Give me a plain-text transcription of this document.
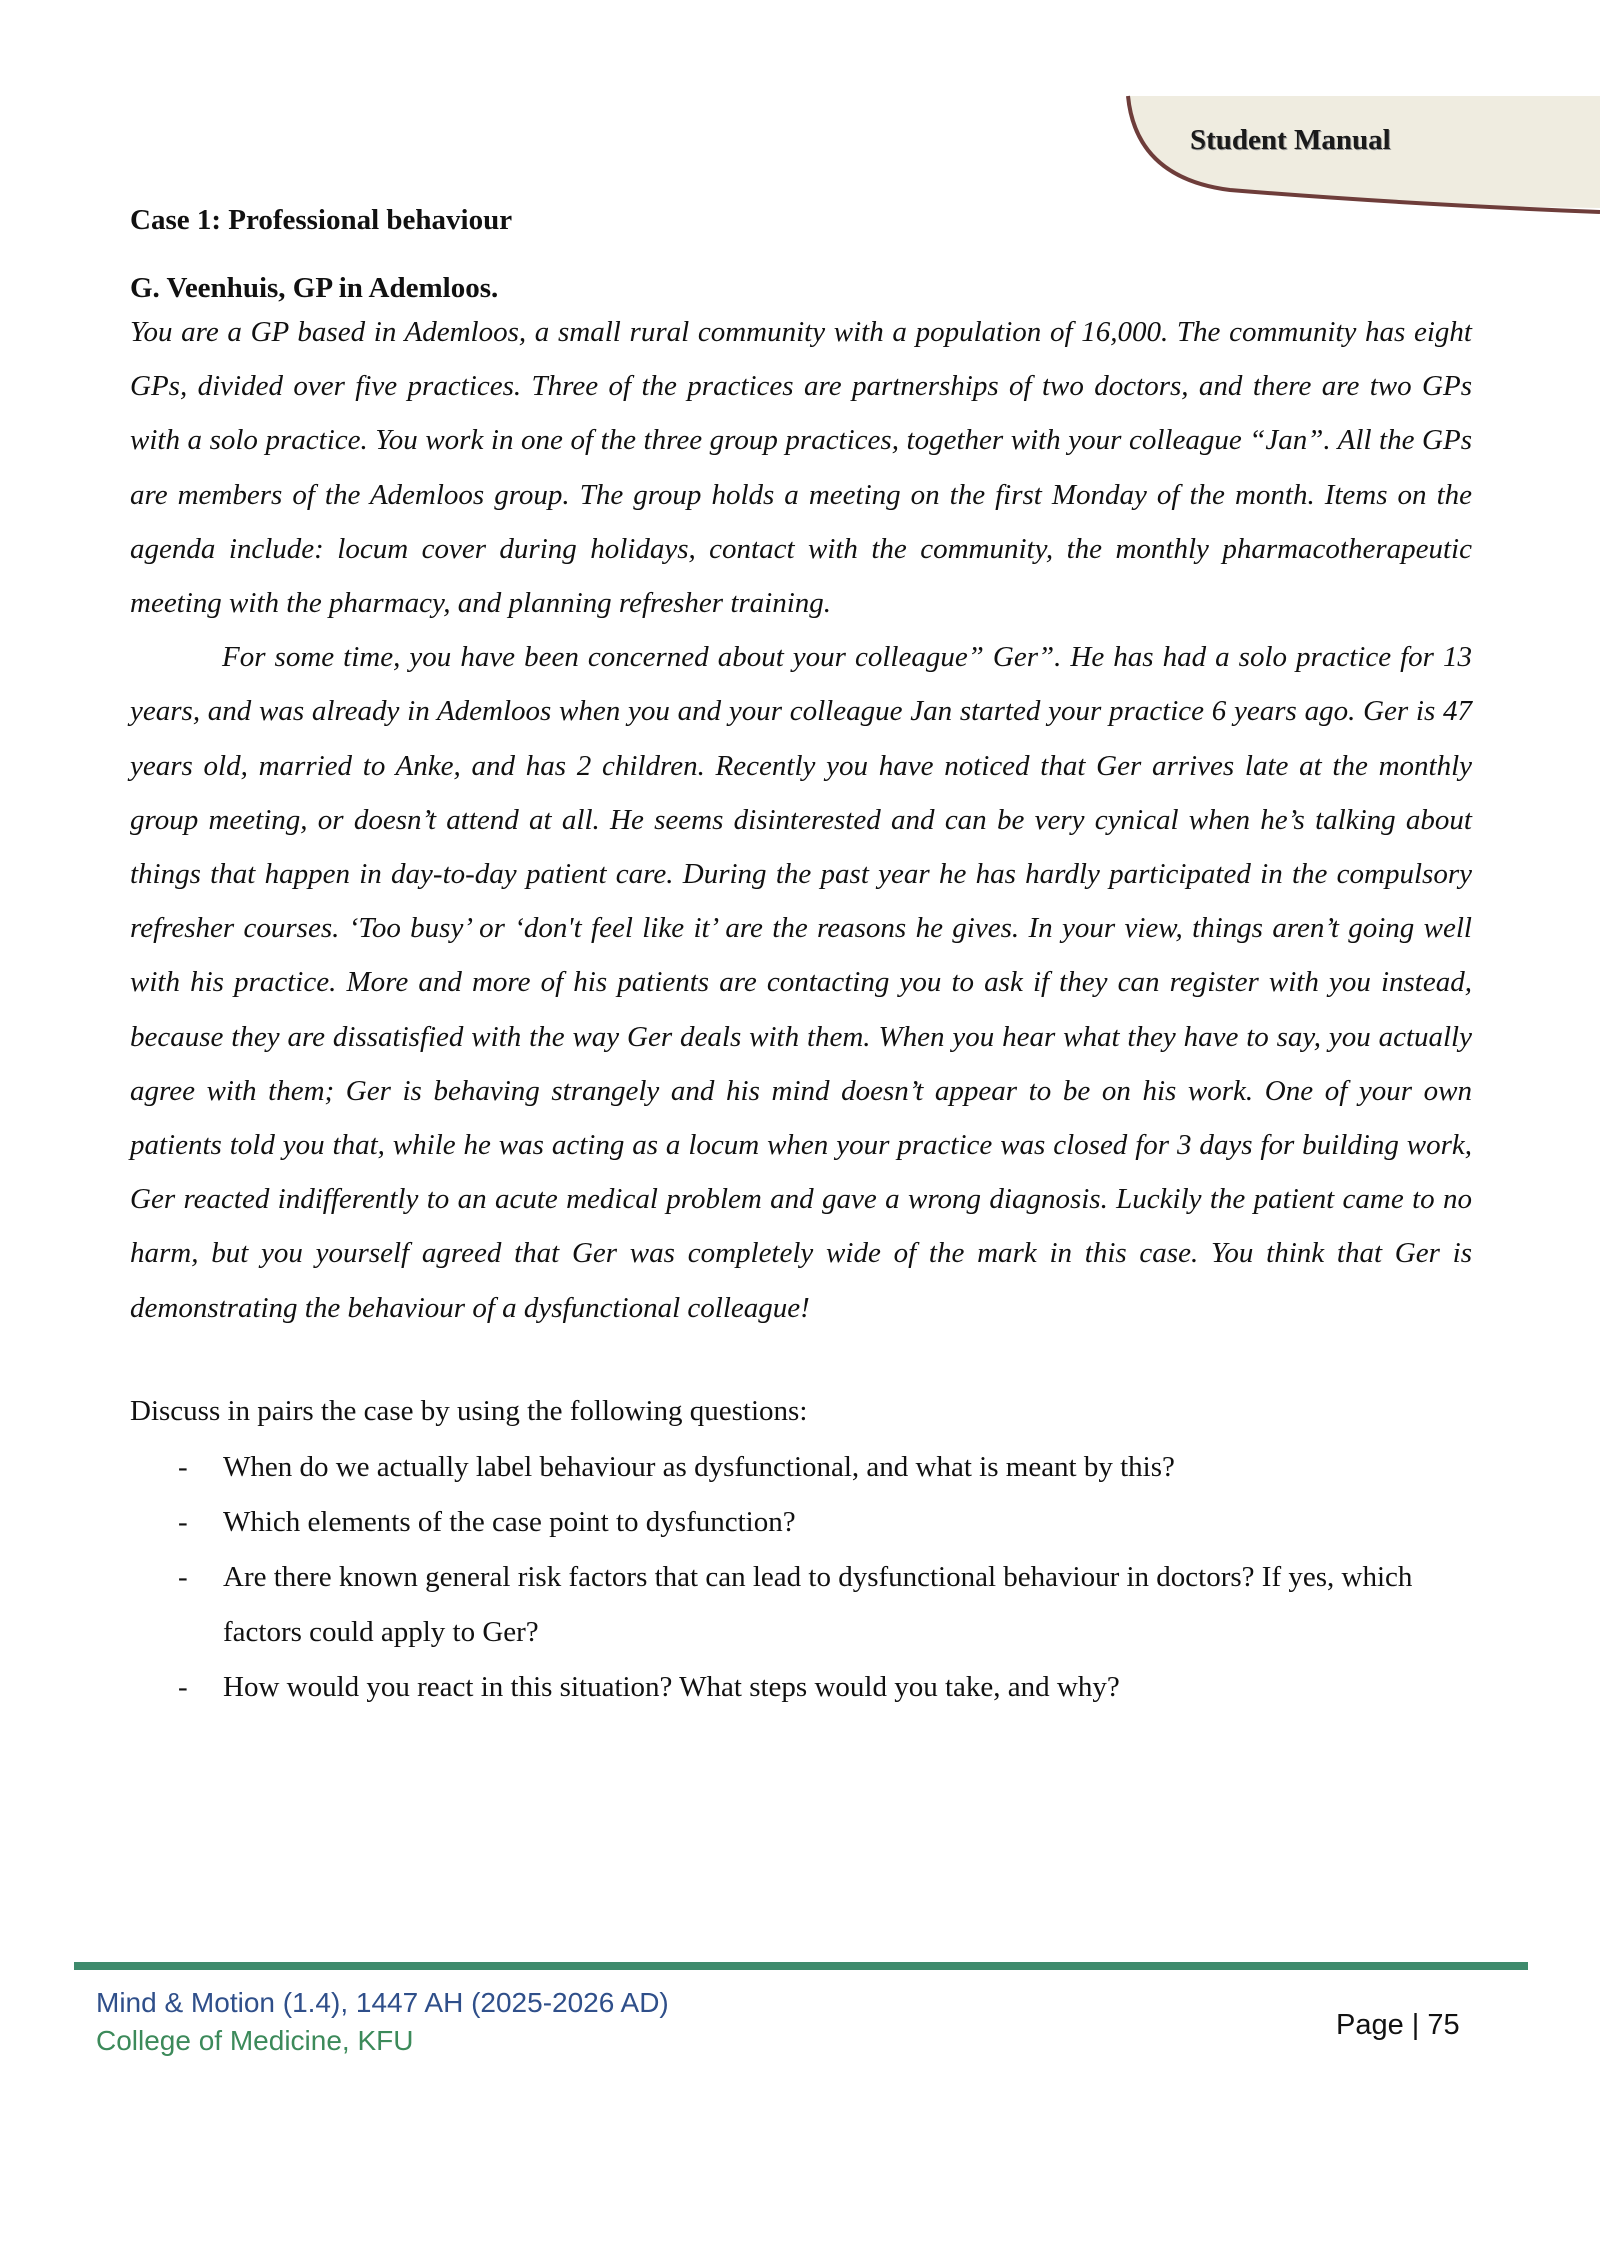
Student Manual
Case 1: Professional behaviour
G. Veenhuis, GP in Ademloos.

You are a GP based in Ademloos, a small rural community with a population of 16,000. The community has eight GPs, divided over five practices. Three of the practices are partnerships of two doctors, and there are two GPs with a solo practice. You work in one of the three group practices, together with your colleague “Jan”. All the GPs are members of the Ademloos group. The group holds a meeting on the first Monday of the month. Items on the agenda include: locum cover during holidays, contact with the community, the monthly pharmacotherapeutic meeting with the pharmacy, and planning refresher training.

For some time, you have been concerned about your colleague” Ger”. He has had a solo practice for 13 years, and was already in Ademloos when you and your colleague Jan started your practice 6 years ago. Ger is 47 years old, married to Anke, and has 2 children. Recently you have noticed that Ger arrives late at the monthly group meeting, or doesn’t attend at all. He seems disinterested and can be very cynical when he’s talking about things that happen in day-to-day patient care. During the past year he has hardly participated in the compulsory refresher courses. ‘Too busy’ or ‘don't feel like it’ are the reasons he gives. In your view, things aren’t going well with his practice. More and more of his patients are contacting you to ask if they can register with you instead, because they are dissatisfied with the way Ger deals with them. When you hear what they have to say, you actually agree with them; Ger is behaving strangely and his mind doesn’t appear to be on his work. One of your own patients told you that, while he was acting as a locum when your practice was closed for 3 days for building work, Ger reacted indifferently to an acute medical problem and gave a wrong diagnosis. Luckily the patient came to no harm, but you yourself agreed that Ger was completely wide of the mark in this case. You think that Ger is demonstrating the behaviour of a dysfunctional colleague!

Discuss in pairs the case by using the following questions:
- When do we actually label behaviour as dysfunctional, and what is meant by this?
- Which elements of the case point to dysfunction?
- Are there known general risk factors that can lead to dysfunctional behaviour in doctors? If yes, which factors could apply to Ger?
- How would you react in this situation? What steps would you take, and why?
Mind & Motion (1.4), 1447 AH (2025-2026 AD)
College of Medicine, KFU	Page | 75
